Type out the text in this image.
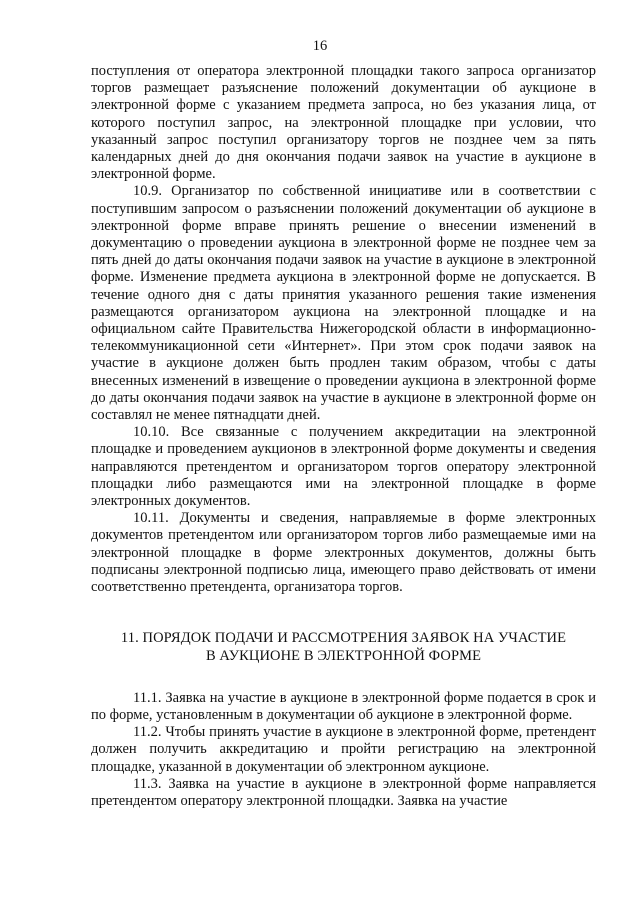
16

поступления от оператора электронной площадки такого запроса организатор торгов размещает разъяснение положений документации об аукционе в электронной форме с указанием предмета запроса, но без указания лица, от которого поступил запрос, на электронной площадке при условии, что указанный запрос поступил организатору торгов не позднее чем за пять календарных дней до дня окончания подачи заявок на участие в аукционе в электронной форме.

10.9. Организатор по собственной инициативе или в соответствии с поступившим запросом о разъяснении положений документации об аукционе в электронной форме вправе принять решение о внесении изменений в документацию о проведении аукциона в электронной форме не позднее чем за пять дней до даты окончания подачи заявок на участие в аукционе в электронной форме. Изменение предмета аукциона в электронной форме не допускается. В течение одного дня с даты принятия указанного решения такие изменения размещаются организатором аукциона на электронной площадке и на официальном сайте Правительства Нижегородской области в информационно-телекоммуникационной сети «Интернет». При этом срок подачи заявок на участие в аукционе должен быть продлен таким образом, чтобы с даты внесенных изменений в извещение о проведении аукциона в электронной форме до даты окончания подачи заявок на участие в аукционе в электронной форме он составлял не менее пятнадцати дней.

10.10. Все связанные с получением аккредитации на электронной площадке и проведением аукционов в электронной форме документы и сведения направляются претендентом и организатором торгов оператору электронной площадки либо размещаются ими на электронной площадке в форме электронных документов.

10.11. Документы и сведения, направляемые в форме электронных документов претендентом или организатором торгов либо размещаемые ими на электронной площадке в форме электронных документов, должны быть подписаны электронной подписью лица, имеющего право действовать от имени соответственно претендента, организатора торгов.

11. ПОРЯДОК ПОДАЧИ И РАССМОТРЕНИЯ ЗАЯВОК НА УЧАСТИЕ
В АУКЦИОНЕ В ЭЛЕКТРОННОЙ ФОРМЕ

11.1. Заявка на участие в аукционе в электронной форме подается в срок и по форме, установленным в документации об аукционе в электронной форме.

11.2. Чтобы принять участие в аукционе в электронной форме, претендент должен получить аккредитацию и пройти регистрацию на электронной площадке, указанной в документации об электронном аукционе.

11.3. Заявка на участие в аукционе в электронной форме направляется претендентом оператору электронной площадки. Заявка на участие
